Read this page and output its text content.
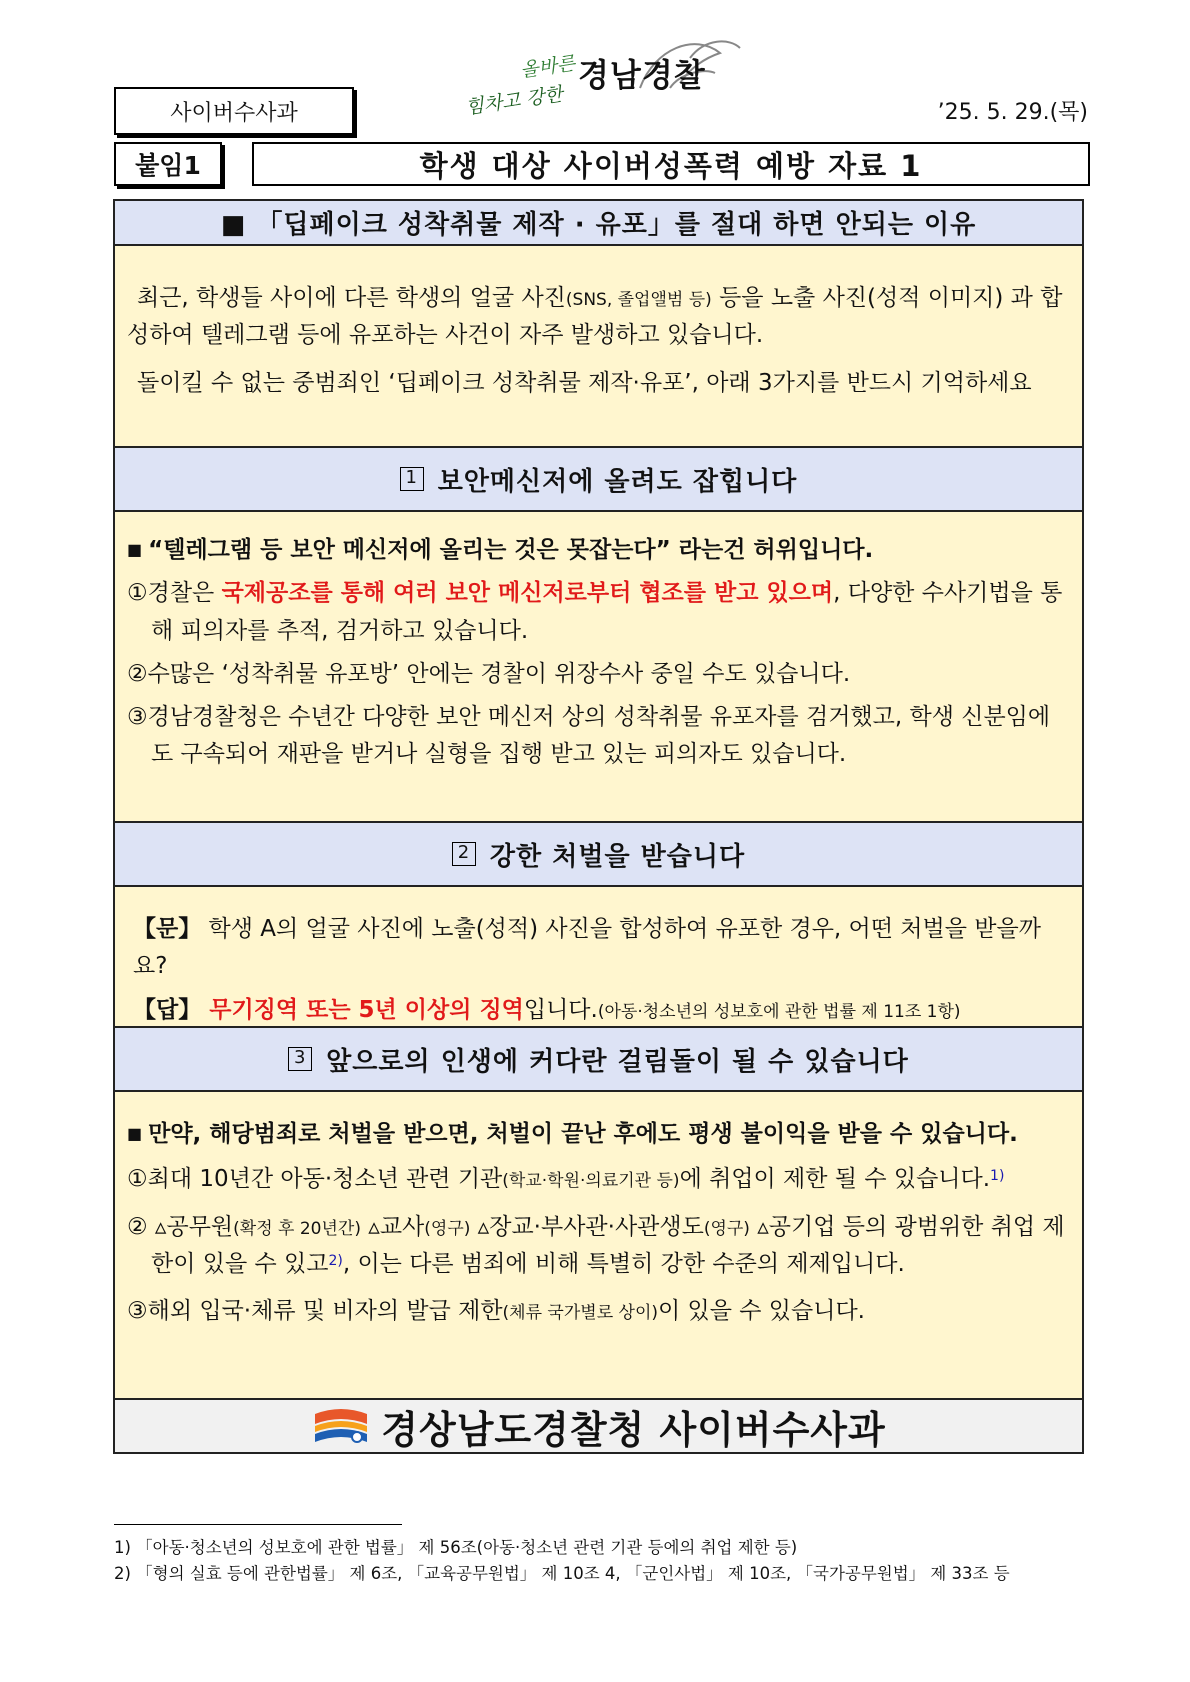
사이버수사과
올바른
힘차고 강한
경남경찰
’25. 5. 29.(목)
붙임1	학생 대상 사이버성폭력 예방 자료 1
■ 「딥페이크 성착취물 제작 · 유포」를 절대 하면 안되는 이유

최근, 학생들 사이에 다른 학생의 얼굴 사진(SNS, 졸업앨범 등) 등을 노출 사진(성적 이미지) 과 합성하여 텔레그램 등에 유포하는 사건이 자주 발생하고 있습니다.

돌이킬 수 없는 중범죄인 ‘딥페이크 성착취물 제작·유포’, 아래 3가지를 반드시 기억하세요

1 보안메신저에 올려도 잡힙니다

■ “텔레그램 등 보안 메신저에 올리는 것은 못잡는다” 라는건 허위입니다.

①경찰은 국제공조를 통해 여러 보안 메신저로부터 협조를 받고 있으며, 다양한 수사기법을 통해 피의자를 추적, 검거하고 있습니다.

②수많은 ‘성착취물 유포방’ 안에는 경찰이 위장수사 중일 수도 있습니다.

③경남경찰청은 수년간 다양한 보안 메신저 상의 성착취물 유포자를 검거했고, 학생 신분임에도 구속되어 재판을 받거나 실형을 집행 받고 있는 피의자도 있습니다.

2 강한 처벌을 받습니다

【문】 학생 A의 얼굴 사진에 노출(성적) 사진을 합성하여 유포한 경우, 어떤 처벌을 받을까요?

【답】 무기징역 또는 5년 이상의 징역입니다.(아동·청소년의 성보호에 관한 법률 제 11조 1항)

3 앞으로의 인생에 커다란 걸림돌이 될 수 있습니다

■ 만약, 해당범죄로 처벌을 받으면, 처벌이 끝난 후에도 평생 불이익을 받을 수 있습니다.

①최대 10년간 아동·청소년 관련 기관(학교·학원·의료기관 등)에 취업이 제한 될 수 있습니다.$^{1)}$

② ▵공무원(확정 후 20년간) ▵교사(영구) ▵장교·부사관·사관생도(영구) ▵공기업 등의 광범위한 취업 제한이 있을 수 있고$^{2)}$, 이는 다른 범죄에 비해 특별히 강한 수준의 제제입니다.

③해외 입국·체류 및 비자의 발급 제한(체류 국가별로 상이)이 있을 수 있습니다.

경상남도경찰청 사이버수사과
1) 「아동·청소년의 성보호에 관한 법률」 제 56조(아동·청소년 관련 기관 등에의 취업 제한 등)
2) 「형의 실효 등에 관한법률」 제 6조, 「교육공무원법」 제 10조 4, 「군인사법」 제 10조, 「국가공무원법」 제 33조 등
